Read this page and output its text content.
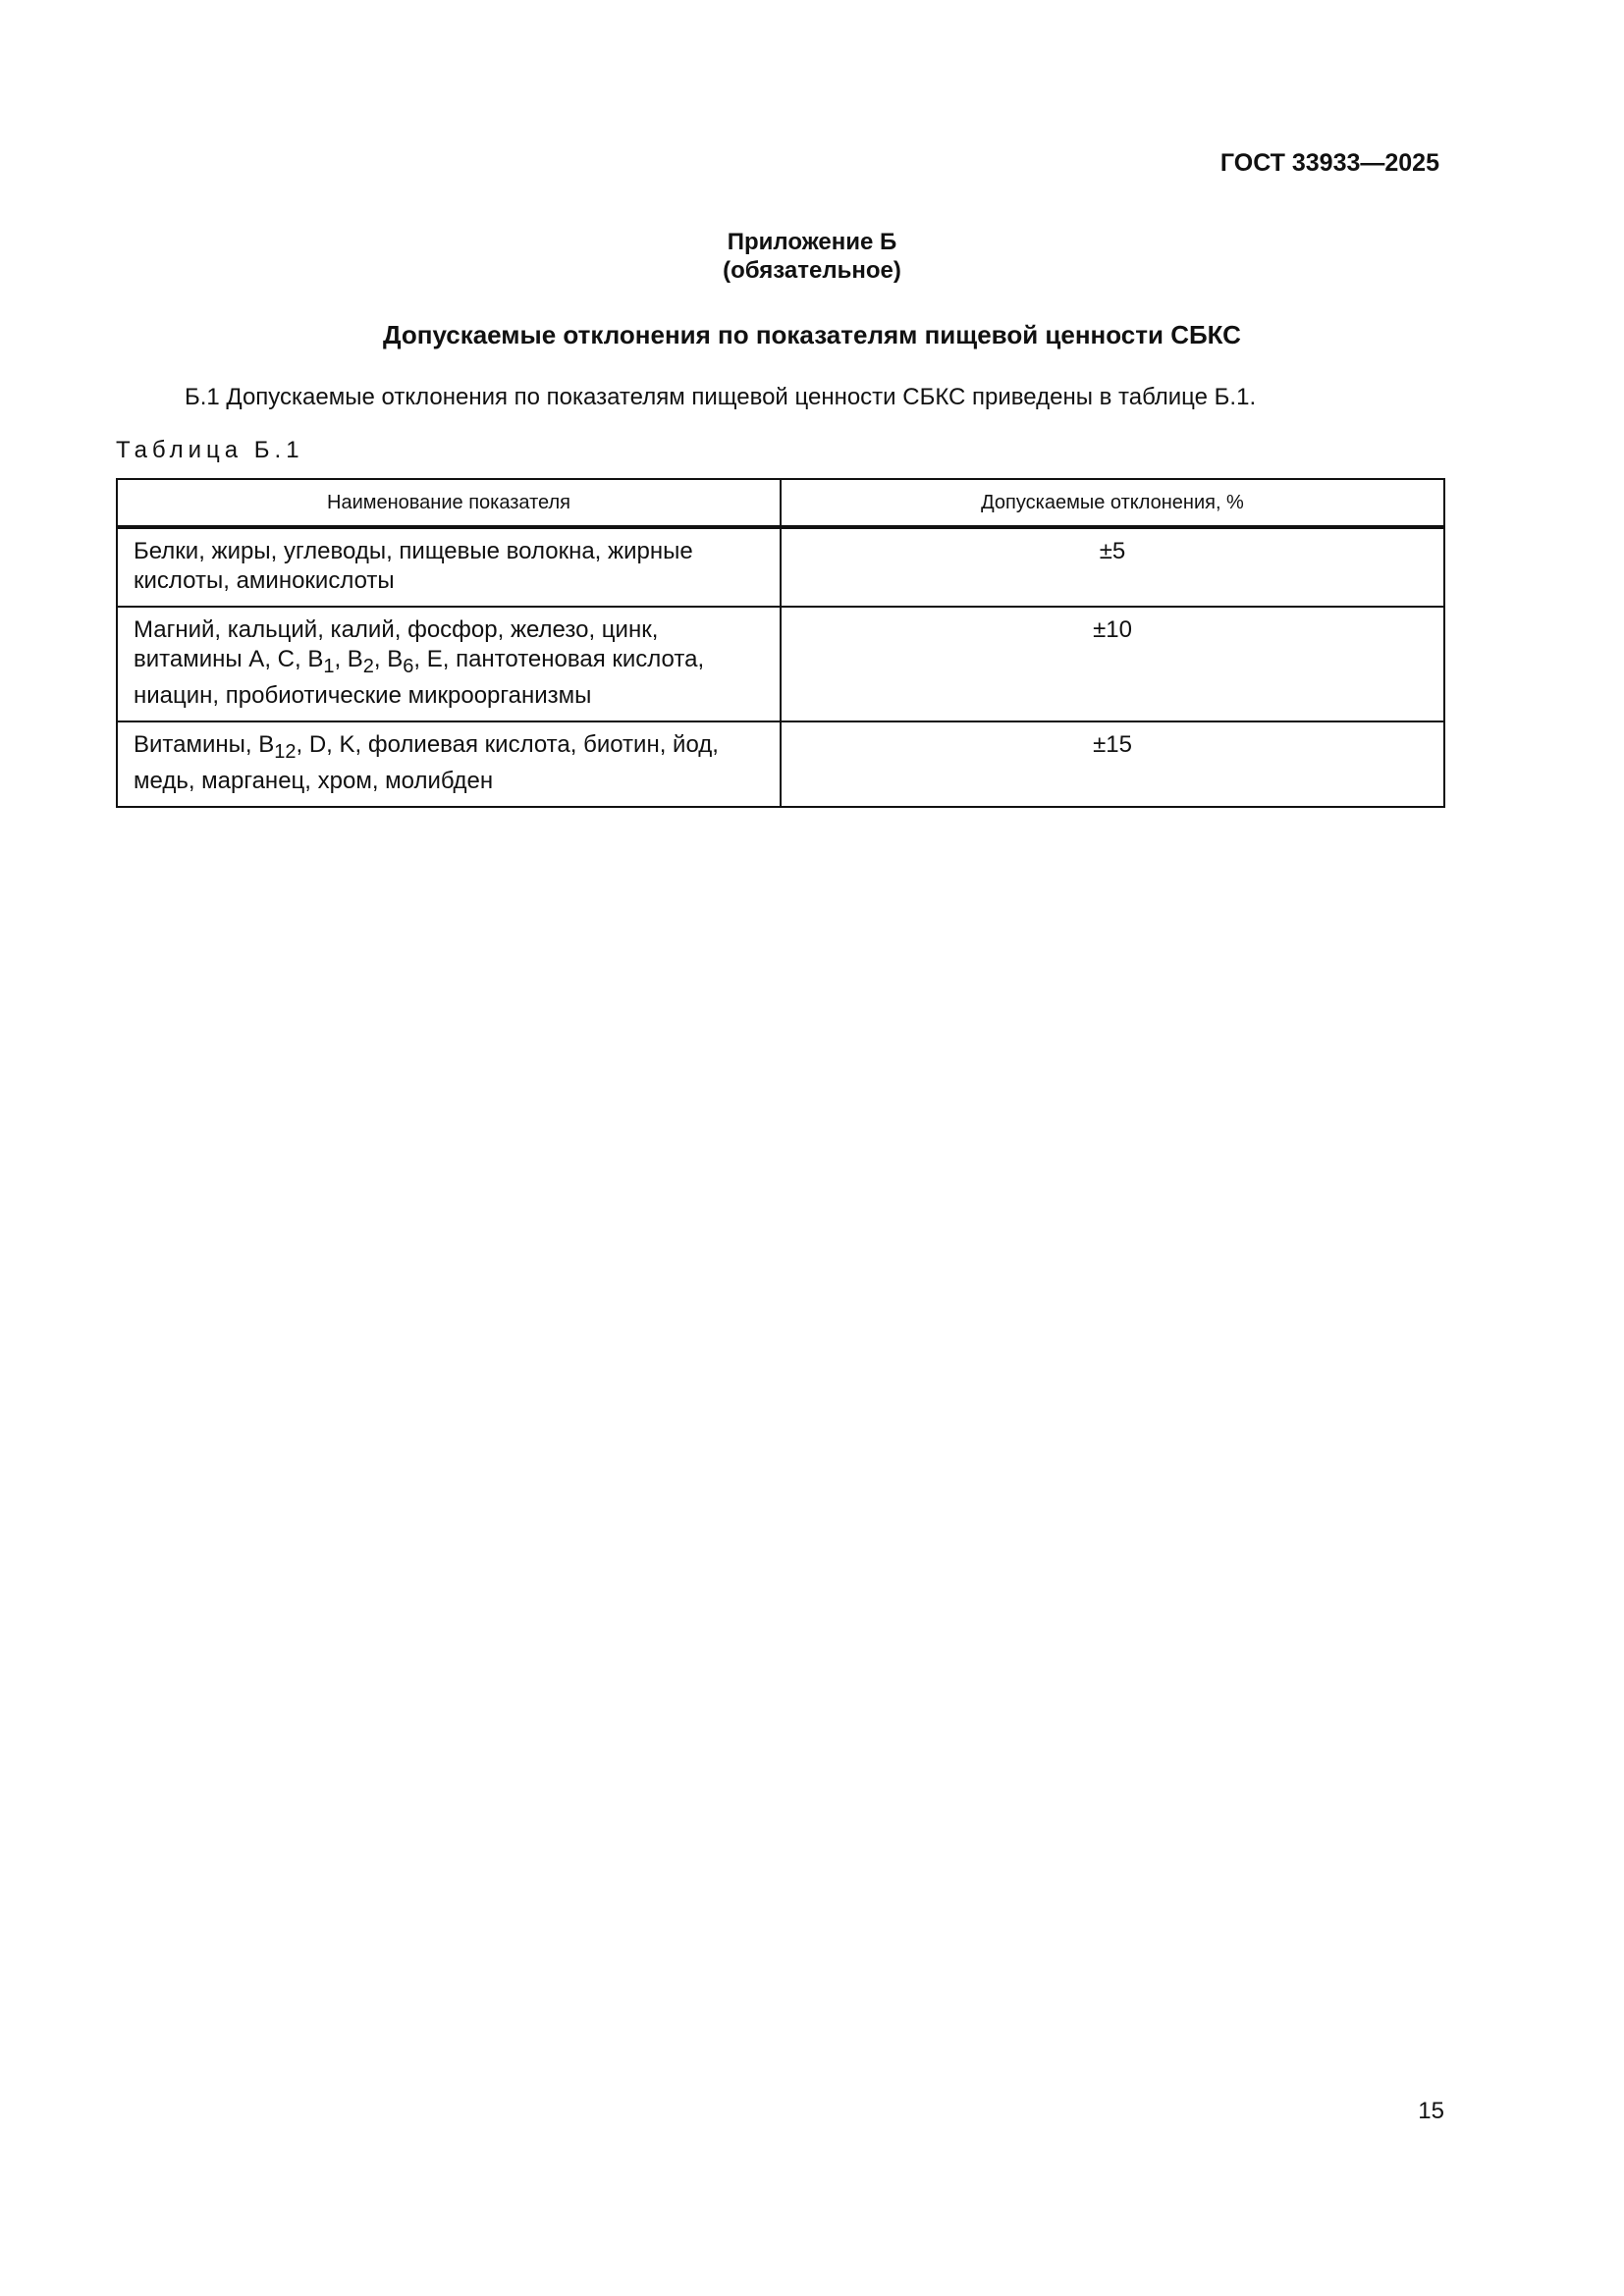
ГОСТ 33933—2025
Приложение Б
(обязательное)
Допускаемые отклонения по показателям пищевой ценности СБКС
Б.1 Допускаемые отклонения по показателям пищевой ценности СБКС приведены в таблице Б.1.
Таблица Б.1
Наименование показателя	Допускаемые отклонения, %

Белки, жиры, углеводы, пищевые волокна, жирные
кислоты, аминокислоты	±5

Магний, кальций, калий, фосфор, железо, цинк,
витамины A, C, $B_1$, $B_2$, $B_6$, E, пантотеновая кислота,
ниацин, пробиотические микроорганизмы	±10

Витамины, $B_{12}$, D, K, фолиевая кислота, биотин, йод,
медь, марганец, хром, молибден	±15
15
